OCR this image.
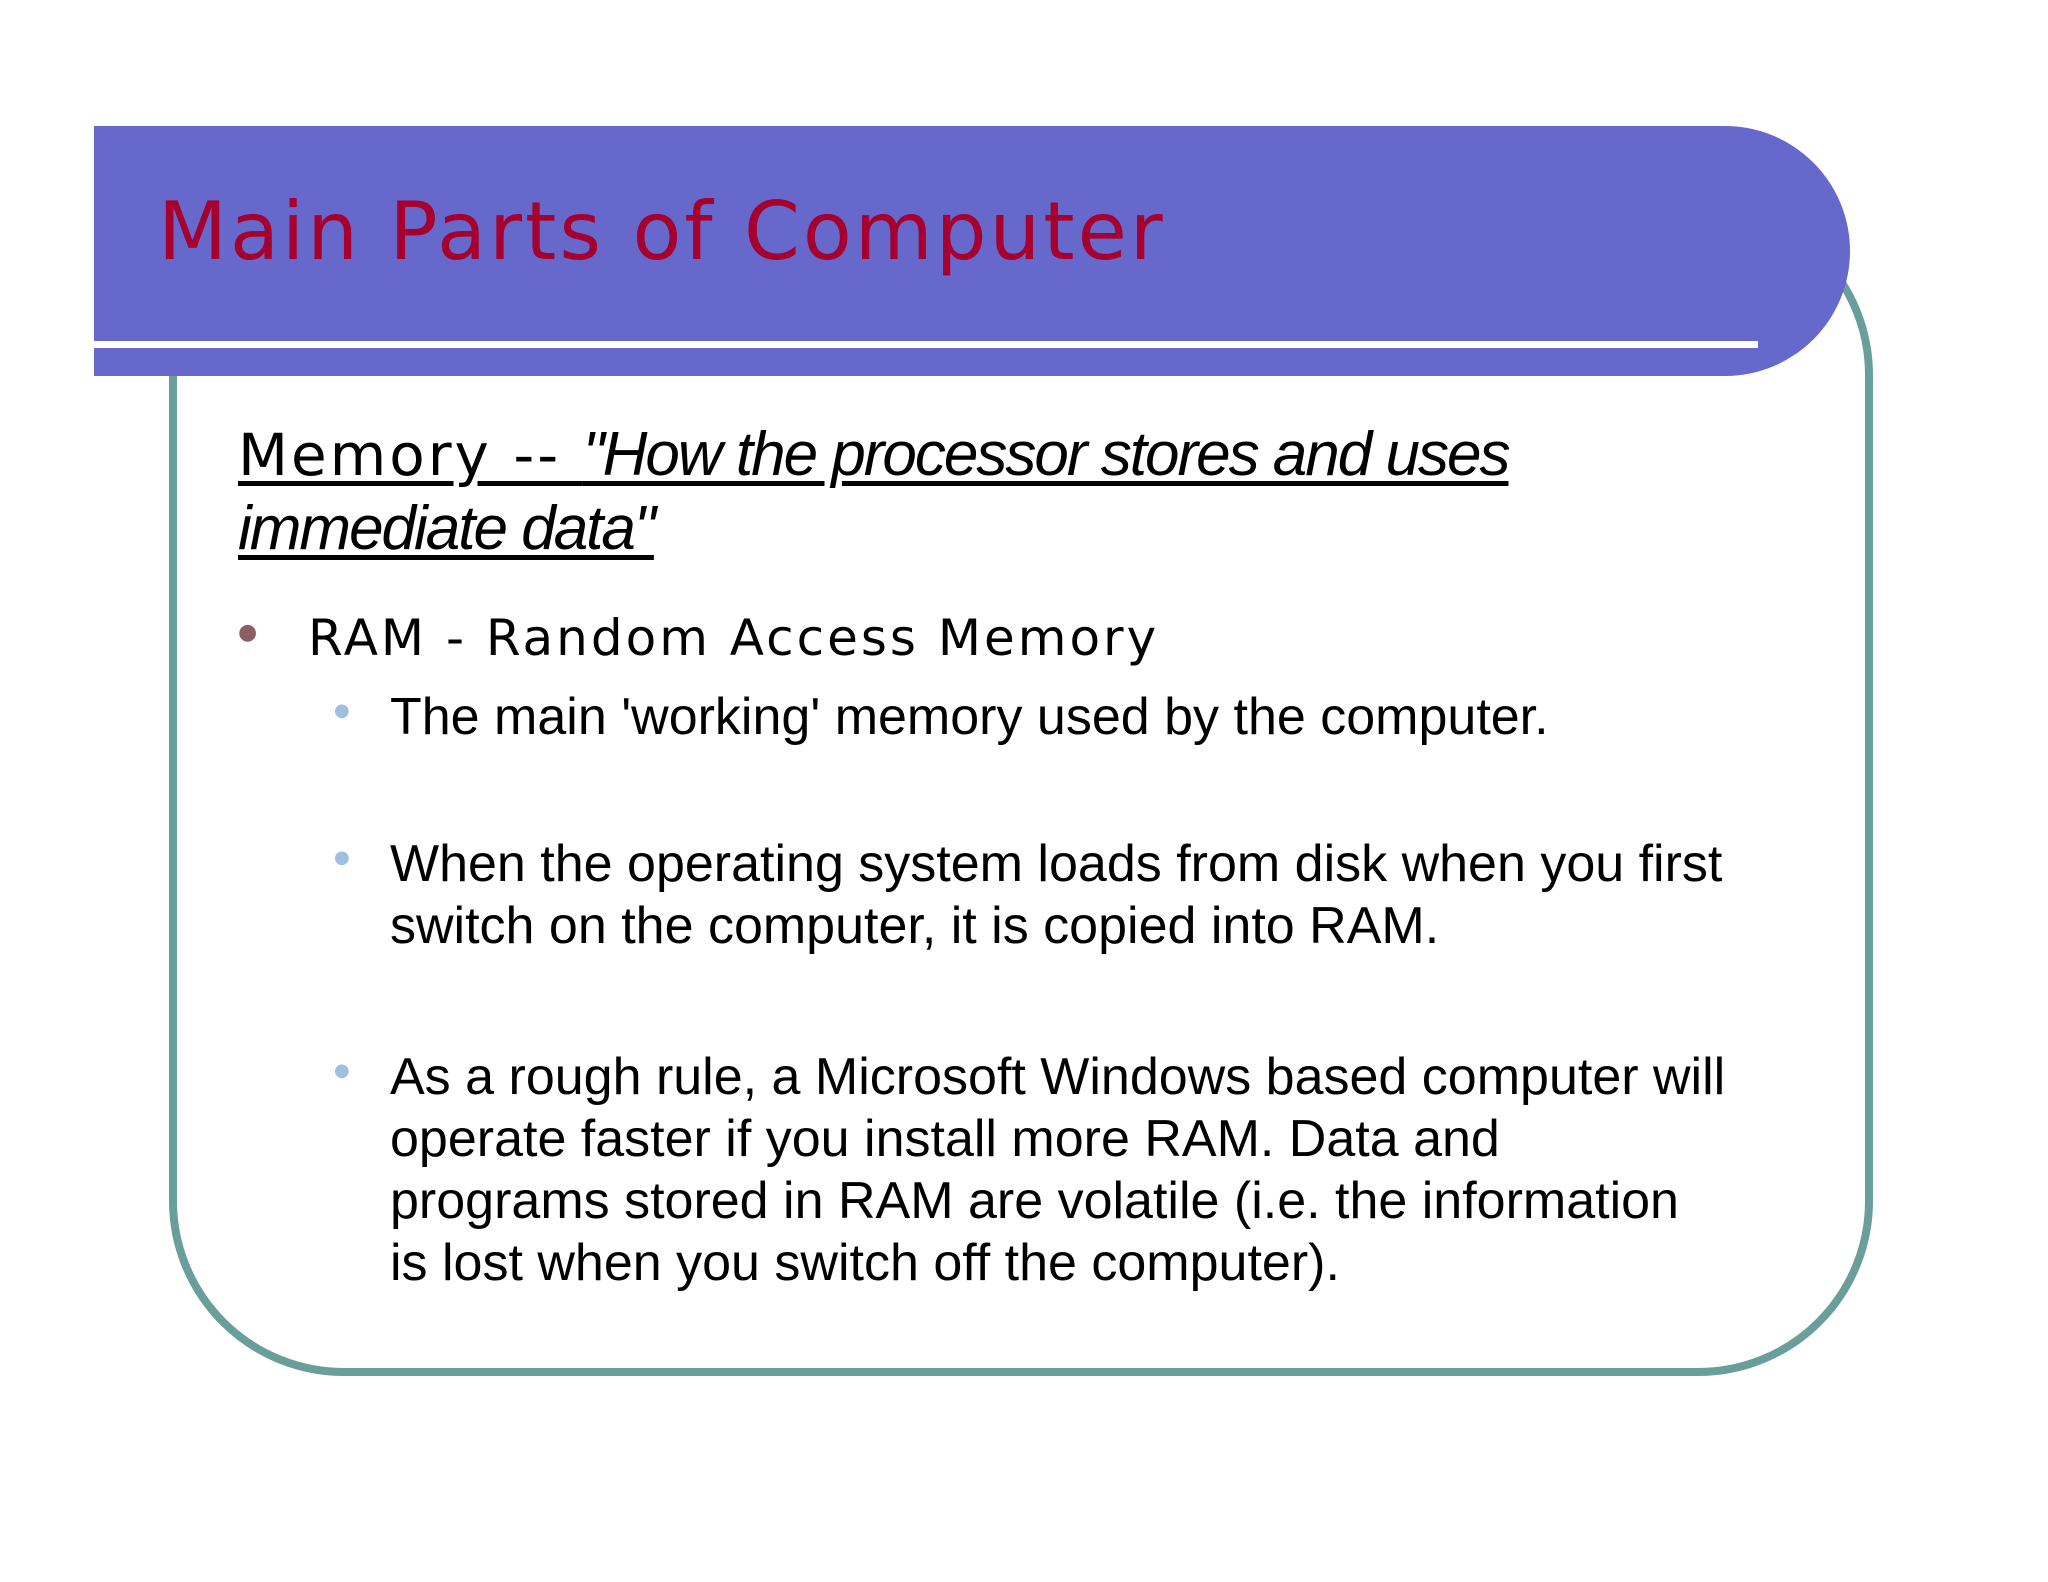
Main Parts of Computer

Memory -- "How the processor stores and uses immediate data"

● RAM - Random Access Memory
● The main 'working' memory used by the computer.
● When the operating system loads from disk when you first switch on the computer, it is copied into RAM.
● As a rough rule, a Microsoft Windows based computer will operate faster if you install more RAM. Data and programs stored in RAM are volatile (i.e. the information is lost when you switch off the computer).
